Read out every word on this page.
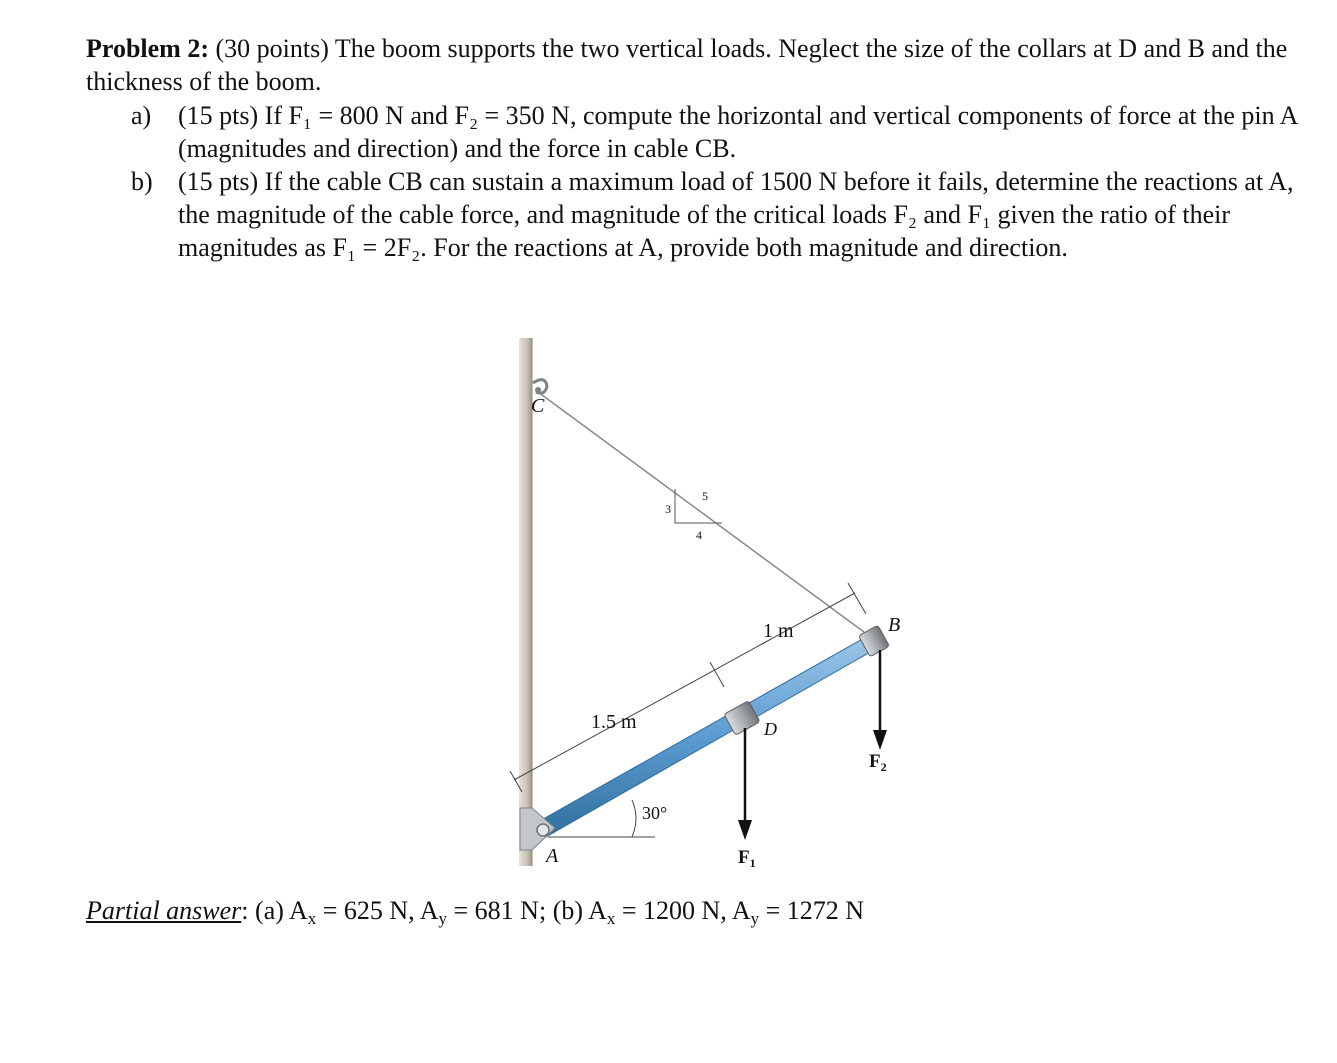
Problem 2: (30 points) The boom supports the two vertical loads. Neglect the size of the collars at D and B and the thickness of the boom.

a) (15 pts) If F₁ = 800 N and F₂ = 350 N, compute the horizontal and vertical components of force at the pin A (magnitudes and direction) and the force in cable CB.
b) (15 pts) If the cable CB can sustain a maximum load of 1500 N before it fails, determine the reactions at A, the magnitude of the cable force, and magnitude of the critical loads F₂ and F₁ given the ratio of their magnitudes as F₁ = 2F₂. For the reactions at A, provide both magnitude and direction.
C
A
B
D
1.5 m
1 m
30°
3
4
5
$F_1$
$F_2$
Partial answer: (a) $A_x = 625$ N, $A_y = 681$ N; (b) $A_x = 1200$ N, $A_y = 1272$ N
